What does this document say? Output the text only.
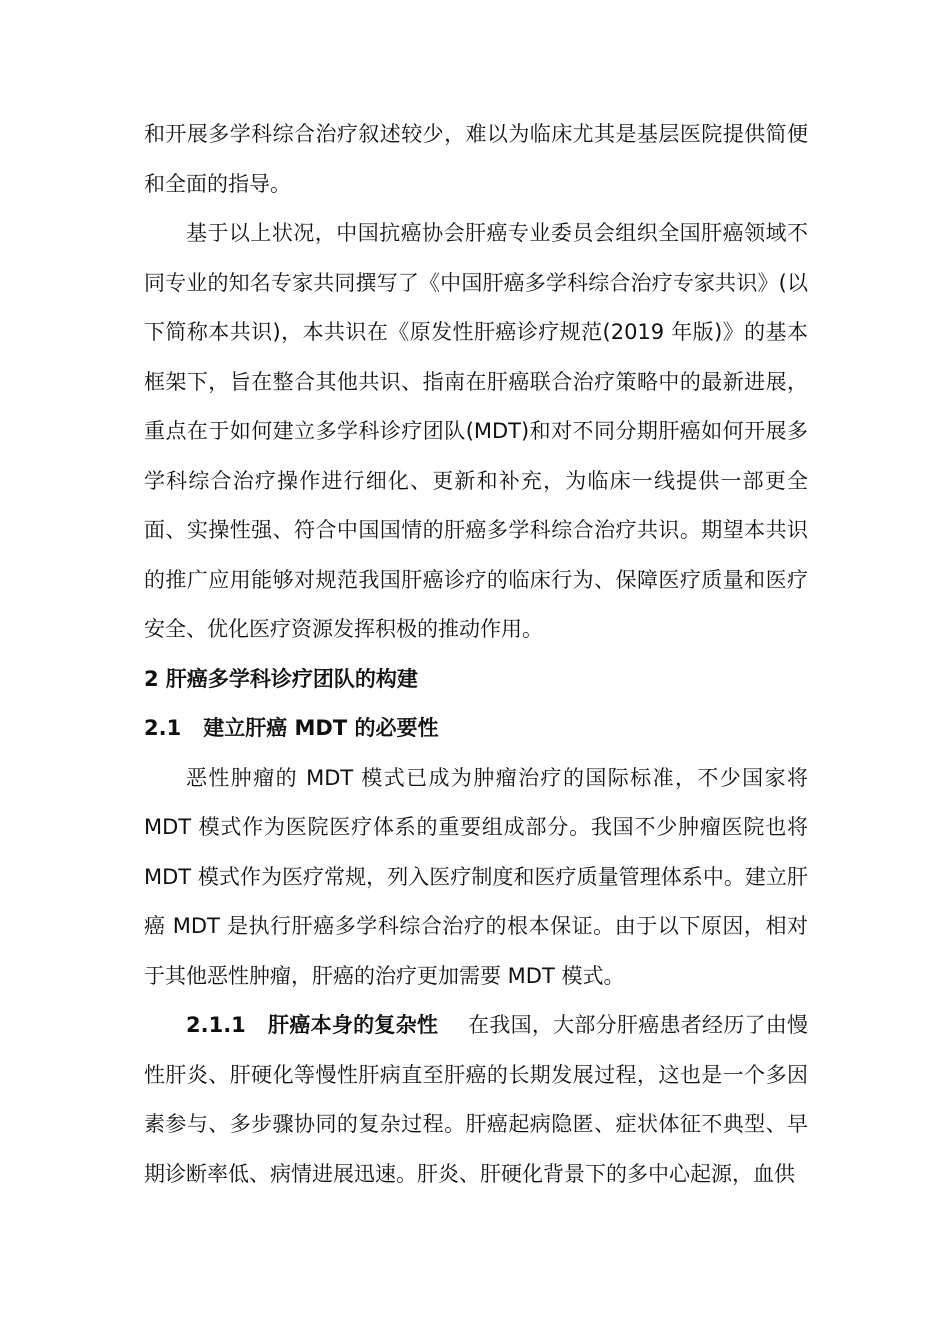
和开展多学科综合治疗叙述较少，难以为临床尤其是基层医院提供简便和全面的指导。

基于以上状况，中国抗癌协会肝癌专业委员会组织全国肝癌领域不同专业的知名专家共同撰写了《中国肝癌多学科综合治疗专家共识》(以下简称本共识)，本共识在《原发性肝癌诊疗规范(2019 年版)》的基本框架下，旨在整合其他共识、指南在肝癌联合治疗策略中的最新进展，重点在于如何建立多学科诊疗团队(MDT)和对不同分期肝癌如何开展多学科综合治疗操作进行细化、更新和补充，为临床一线提供一部更全面、实操性强、符合中国国情的肝癌多学科综合治疗共识。期望本共识的推广应用能够对规范我国肝癌诊疗的临床行为、保障医疗质量和医疗安全、优化医疗资源发挥积极的推动作用。

2 肝癌多学科诊疗团队的构建

2.1 建立肝癌 MDT 的必要性

恶性肿瘤的 MDT 模式已成为肿瘤治疗的国际标准，不少国家将 MDT 模式作为医院医疗体系的重要组成部分。我国不少肿瘤医院也将 MDT 模式作为医疗常规，列入医疗制度和医疗质量管理体系中。建立肝癌 MDT 是执行肝癌多学科综合治疗的根本保证。由于以下原因，相对于其他恶性肿瘤，肝癌的治疗更加需要 MDT 模式。

2.1.1 肝癌本身的复杂性 在我国，大部分肝癌患者经历了由慢性肝炎、肝硬化等慢性肝病直至肝癌的长期发展过程，这也是一个多因素参与、多步骤协同的复杂过程。肝癌起病隐匿、症状体征不典型、早期诊断率低、病情进展迅速。肝炎、肝硬化背景下的多中心起源，血供
